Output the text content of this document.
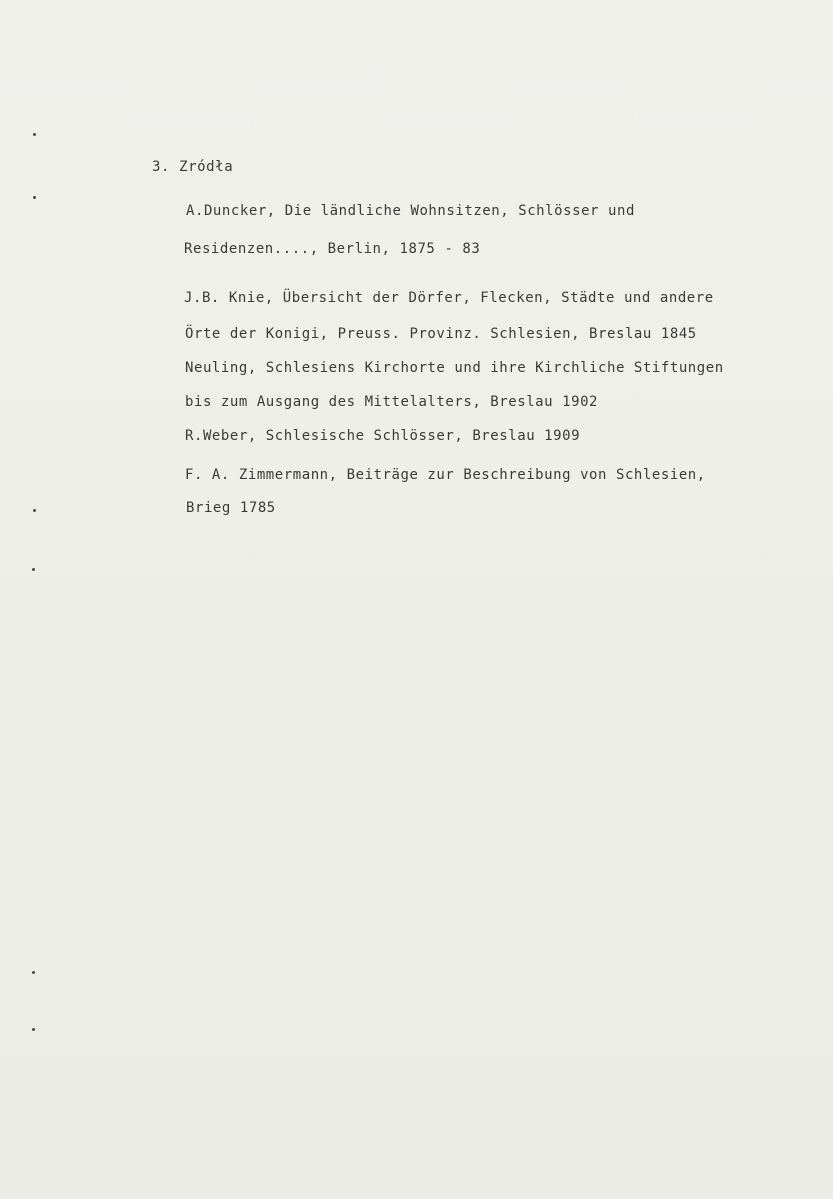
3. Zródła
A.Duncker, Die ländliche Wohnsitzen, Schlösser und
Residenzen...., Berlin, 1875 - 83
J.B. Knie, Übersicht der Dörfer, Flecken, Städte und andere
Örte der Konigi, Preuss. Provinz. Schlesien, Breslau 1845
Neuling, Schlesiens Kirchorte und ihre Kirchliche Stiftungen
bis zum Ausgang des Mittelalters, Breslau 1902
R.Weber, Schlesische Schlösser, Breslau 1909
F. A. Zimmermann, Beiträge zur Beschreibung von Schlesien,
Brieg 1785
